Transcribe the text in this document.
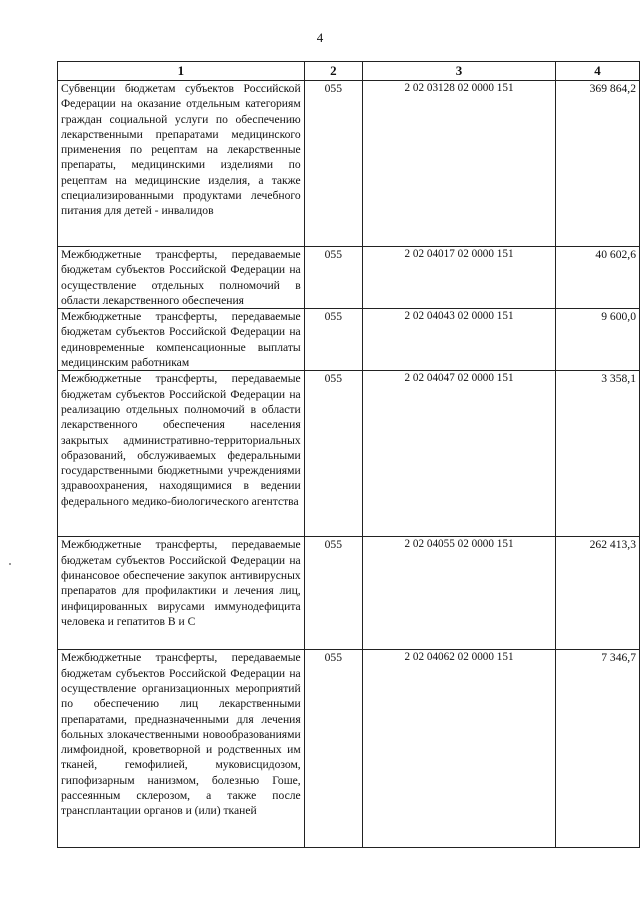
4
1	2	3	4

Субвенции бюджетам субъектов Российской Федерации на оказание отдельным категориям граждан социальной услуги по обеспечению лекарственными препаратами медицинского применения по рецептам на лекарственные препараты, медицинскими изделиями по рецептам на медицинские изделия, а также специализированными продуктами лечебного питания для детей - инвалидов	055	2 02 03128 02 0000 151	369 864,2

Межбюджетные трансферты, передаваемые бюджетам субъектов Российской Федерации на осуществление отдельных полномочий в области лекарственного обеспечения	055	2 02 04017 02 0000 151	40 602,6

Межбюджетные трансферты, передаваемые бюджетам субъектов Российской Федерации на единовременные компенсационные выплаты медицинским работникам	055	2 02 04043 02 0000 151	9 600,0

Межбюджетные трансферты, передаваемые бюджетам субъектов Российской Федерации на реализацию отдельных полномочий в области лекарственного обеспечения населения закрытых административно-территориальных образований, обслуживаемых федеральными государственными бюджетными учреждениями здравоохранения, находящимися в ведении федерального медико-биологического агентства	055	2 02 04047 02 0000 151	3 358,1

Межбюджетные трансферты, передаваемые бюджетам субъектов Российской Федерации на финансовое обеспечение закупок антивирусных препаратов для профилактики и лечения лиц, инфицированных вирусами иммунодефицита человека и гепатитов В и С	055	2 02 04055 02 0000 151	262 413,3

Межбюджетные трансферты, передаваемые бюджетам субъектов Российской Федерации на осуществление организационных мероприятий по обеспечению лиц лекарственными препаратами, предназначенными для лечения больных злокачественными новообразованиями лимфоидной, кроветворной и родственных им тканей, гемофилией, муковисцидозом, гипофизарным нанизмом, болезнью Гоше, рассеянным склерозом, а также после трансплантации органов и (или) тканей	055	2 02 04062 02 0000 151	7 346,7
